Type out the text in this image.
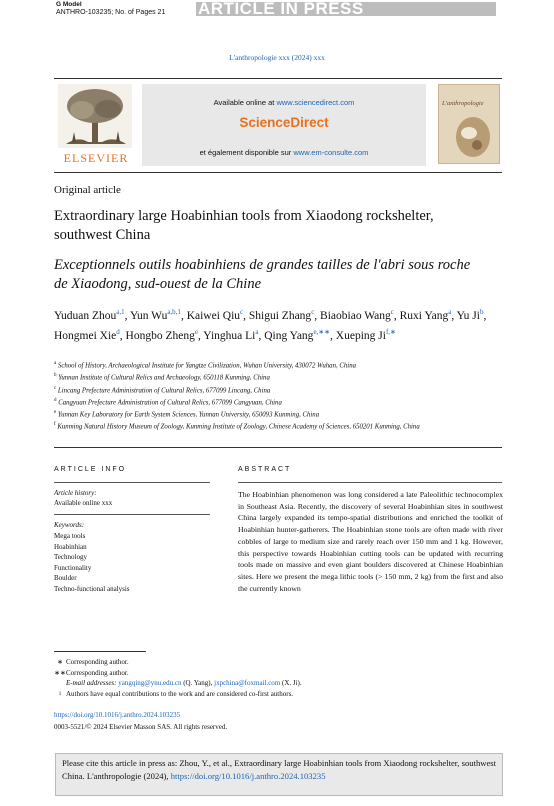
G Model
ANTHRO-103235; No. of Pages 21 ARTICLE IN PRESS
L'anthropologie xxx (2024) xxx
ELSEVIER
Available online at www.sciencedirect.com
ScienceDirect
et également disponible sur www.em-consulte.com
L'anthropologie
Original article
Extraordinary large Hoabinhian tools from Xiaodong rockshelter, southwest China
Exceptionnels outils hoabinhiens de grandes tailles de l'abri sous roche de Xiaodong, sud-ouest de la Chine
Yuduan Zhou$^{a,1}$, Yun Wu$^{a,b,1}$, Kaiwei Qiu$^c$, Shigui Zhang$^c$, Biaobiao Wang$^c$, Ruxi Yang$^a$, Yu Ji$^b$, Hongmei Xie$^d$, Hongbo Zheng$^e$, Yinghua Li$^a$, Qing Yang$^{e,∗∗}$, Xueping $Ji^{f,∗}$
$^a$ School of History, Archaeological Institute for Yangtze Civilization, Wuhan University, 430072 Wuhan, China
$^b$ Yunnan Institute of Cultural Relics and Archaeology, 650118 Kunming, China
$^c$ Lincang Prefecture Administration of Cultural Relics, 677099 Lincang, China
$^d$ Cangyuan Prefecture Administration of Cultural Relics, 677099 Cangyuan, China
$^e$ Yunnan Key Laboratory for Earth System Sciences, Yunnan University, 650093 Kunming, China
$^f$ Kunming Natural History Museum of Zoology, Kunming Institute of Zoology, Chinese Academy of Sciences, 650201 Kunming, China
ARTICLE INFO
Article history:
Available online xxx
Keywords:
Mega tools
Hoabinhian
Technology
Functionality
Boulder
Techno-functional analysis
ABSTRACT
The Hoabinhian phenomenon was long considered a late Paleolithic technocomplex in Southeast Asia. Recently, the discovery of several Hoabinhian sites in southwest China largely expanded its tempo-spatial distributions and enriched the toolkit of Hoabinhian hunter-gatherers. The Hoabinhian stone tools are often made with river cobbles of large to medium size and rarely reach over 150 mm and 1 kg. However, this perspective towards Hoabinhian cutting tools can be updated with recurring tools made on massive and even giant boulders discovered at Chinese Hoabinhian sites. Here we present the mega lithic tools (> 150 mm, 2 kg) from the first and also the currently known
∗ Corresponding author.
∗∗Corresponding author.
E-mail addresses: yangqing@ynu.edu.cn (Q. Yang), jxpchina@foxmail.com (X. Ji).
1 Authors have equal contributions to the work and are considered co-first authors.
https://doi.org/10.1016/j.anthro.2024.103235
0003-5521/© 2024 Elsevier Masson SAS. All rights reserved.
Please cite this article in press as: Zhou, Y., et al., Extraordinary large Hoabinhian tools from Xiaodong rockshelter, southwest China. L'anthropologie (2024), https://doi.org/10.1016/j.anthro.2024.103235
